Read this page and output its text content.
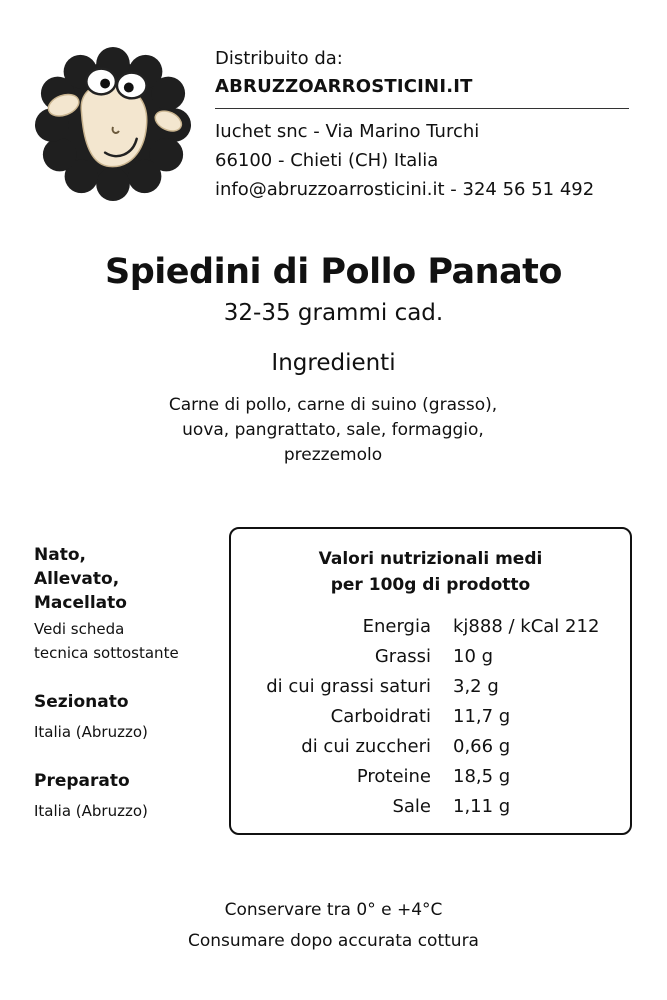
Distribuito da:
ABRUZZOARROSTICINI.IT
Iuchet snc - Via Marino Turchi
66100 - Chieti (CH) Italia
info@abruzzoarrosticini.it - 324 56 51 492
Spiedini di Pollo Panato
32-35 grammi cad.
Ingredienti
Carne di pollo, carne di suino (grasso),
uova, pangrattato, sale, formaggio,
prezzemolo
Nato,
Allevato,
Macellato
Vedi scheda
tecnica sottostante
Sezionato
Italia (Abruzzo)
Preparato
Italia (Abruzzo)
Valori nutrizionali medi
per 100g di prodotto
Energia kj888 / kCal 212
Grassi 10 g
di cui grassi saturi 3,2 g
Carboidrati 11,7 g
di cui zuccheri 0,66 g
Proteine 18,5 g
Sale 1,11 g
Conservare tra 0° e +4°C
Consumare dopo accurata cottura
